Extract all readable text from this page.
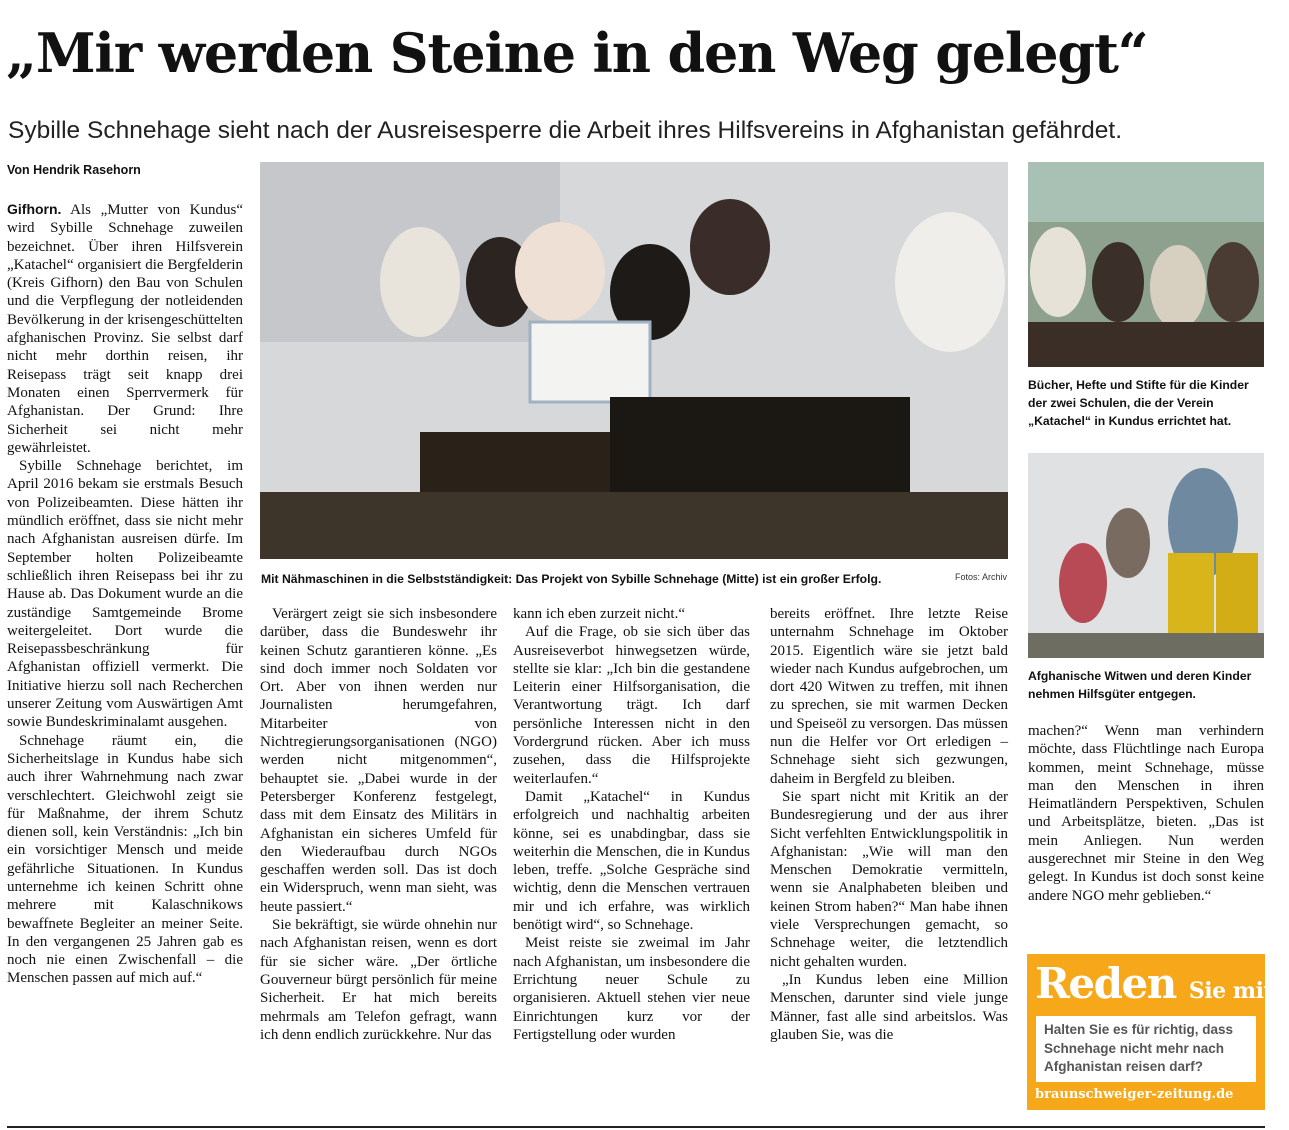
„Mir werden Steine in den Weg gelegt“
Sybille Schnehage sieht nach der Ausreisesperre die Arbeit ihres Hilfsvereins in Afghanistan gefährdet.
Von Hendrik Rasehorn

Gifhorn. Als „Mutter von Kundus“ wird Sybille Schnehage zuweilen bezeichnet. Über ihren Hilfsverein „Katachel“ organisiert die Bergfelderin (Kreis Gifhorn) den Bau von Schulen und die Verpflegung der notleidenden Bevölkerung in der krisengeschüttelten afghanischen Provinz. Sie selbst darf nicht mehr dorthin reisen, ihr Reisepass trägt seit knapp drei Monaten einen Sperrvermerk für Afghanistan. Der Grund: Ihre Sicherheit sei nicht mehr gewährleistet.

Sybille Schnehage berichtet, im April 2016 bekam sie erstmals Besuch von Polizeibeamten. Diese hätten ihr mündlich eröffnet, dass sie nicht mehr nach Afghanistan ausreisen dürfe. Im September holten Polizeibeamte schließlich ihren Reisepass bei ihr zu Hause ab. Das Dokument wurde an die zuständige Samtgemeinde Brome weitergeleitet. Dort wurde die Reisepassbeschränkung für Afghanistan offiziell vermerkt. Die Initiative hierzu soll nach Recherchen unserer Zeitung vom Auswärtigen Amt sowie Bundeskriminalamt ausgehen.

Schnehage räumt ein, die Sicherheitslage in Kundus habe sich auch ihrer Wahrnehmung nach zwar verschlechtert. Gleichwohl zeigt sie für Maßnahme, der ihrem Schutz dienen soll, kein Verständnis: „Ich bin ein vorsichtiger Mensch und meide gefährliche Situationen. In Kundus unternehme ich keinen Schritt ohne mehrere mit Kalaschnikows bewaffnete Begleiter an meiner Seite. In den vergangenen 25 Jahren gab es noch nie einen Zwischenfall – die Menschen passen auf mich auf.“

Mit Nähmaschinen in die Selbstständigkeit: Das Projekt von Sybille Schnehage (Mitte) ist ein großer Erfolg.	Fotos: Archiv
Bücher, Hefte und Stifte für die Kinder der zwei Schulen, die der Verein „Katachel“ in Kundus errichtet hat.
Afghanische Witwen und deren Kinder nehmen Hilfsgüter entgegen.

Verärgert zeigt sie sich insbesondere darüber, dass die Bundeswehr ihr keinen Schutz garantieren könne. „Es sind doch immer noch Soldaten vor Ort. Aber von ihnen werden nur Journalisten herumgefahren, Mitarbeiter von Nichtregierungsorganisationen (NGO) werden nicht mitgenommen“, behauptet sie. „Dabei wurde in der Petersberger Konferenz festgelegt, dass mit dem Einsatz des Militärs in Afghanistan ein sicheres Umfeld für den Wiederaufbau durch NGOs geschaffen werden soll. Das ist doch ein Widerspruch, wenn man sieht, was heute passiert.“

Sie bekräftigt, sie würde ohnehin nur nach Afghanistan reisen, wenn es dort für sie sicher wäre. „Der örtliche Gouverneur bürgt persönlich für meine Sicherheit. Er hat mich bereits mehrmals am Telefon gefragt, wann ich denn endlich zurückkehre. Nur das

kann ich eben zurzeit nicht.“

Auf die Frage, ob sie sich über das Ausreiseverbot hinwegsetzen würde, stellte sie klar: „Ich bin die gestandene Leiterin einer Hilfsorganisation, die Verantwortung trägt. Ich darf persönliche Interessen nicht in den Vordergrund rücken. Aber ich muss zusehen, dass die Hilfsprojekte weiterlaufen.“

Damit „Katachel“ in Kundus erfolgreich und nachhaltig arbeiten könne, sei es unabdingbar, dass sie weiterhin die Menschen, die in Kundus leben, treffe. „Solche Gespräche sind wichtig, denn die Menschen vertrauen mir und ich erfahre, was wirklich benötigt wird“, so Schnehage.

Meist reiste sie zweimal im Jahr nach Afghanistan, um insbesondere die Errichtung neuer Schule zu organisieren. Aktuell stehen vier neue Einrichtungen kurz vor der Fertigstellung oder wurden

bereits eröffnet. Ihre letzte Reise unternahm Schnehage im Oktober 2015. Eigentlich wäre sie jetzt bald wieder nach Kundus aufgebrochen, um dort 420 Witwen zu treffen, mit ihnen zu sprechen, sie mit warmen Decken und Speiseöl zu versorgen. Das müssen nun die Helfer vor Ort erledigen – Schnehage sieht sich gezwungen, daheim in Bergfeld zu bleiben.

Sie spart nicht mit Kritik an der Bundesregierung und der aus ihrer Sicht verfehlten Entwicklungspolitik in Afghanistan: „Wie will man den Menschen Demokratie vermitteln, wenn sie Analphabeten bleiben und keinen Strom haben?“ Man habe ihnen viele Versprechungen gemacht, so Schnehage weiter, die letztendlich nicht gehalten wurden.

„In Kundus leben eine Million Menschen, darunter sind viele junge Männer, fast alle sind arbeitslos. Was glauben Sie, was die

machen?“ Wenn man verhindern möchte, dass Flüchtlinge nach Europa kommen, meint Schnehage, müsse man den Menschen in ihren Heimatländern Perspektiven, Schulen und Arbeitsplätze, bieten. „Das ist mein Anliegen. Nun werden ausgerechnet mir Steine in den Weg gelegt. In Kundus ist doch sonst keine andere NGO mehr geblieben.“

Reden Sie mit!
Halten Sie es für richtig, dass Schnehage nicht mehr nach Afghanistan reisen darf?
braunschweiger-zeitung.de
